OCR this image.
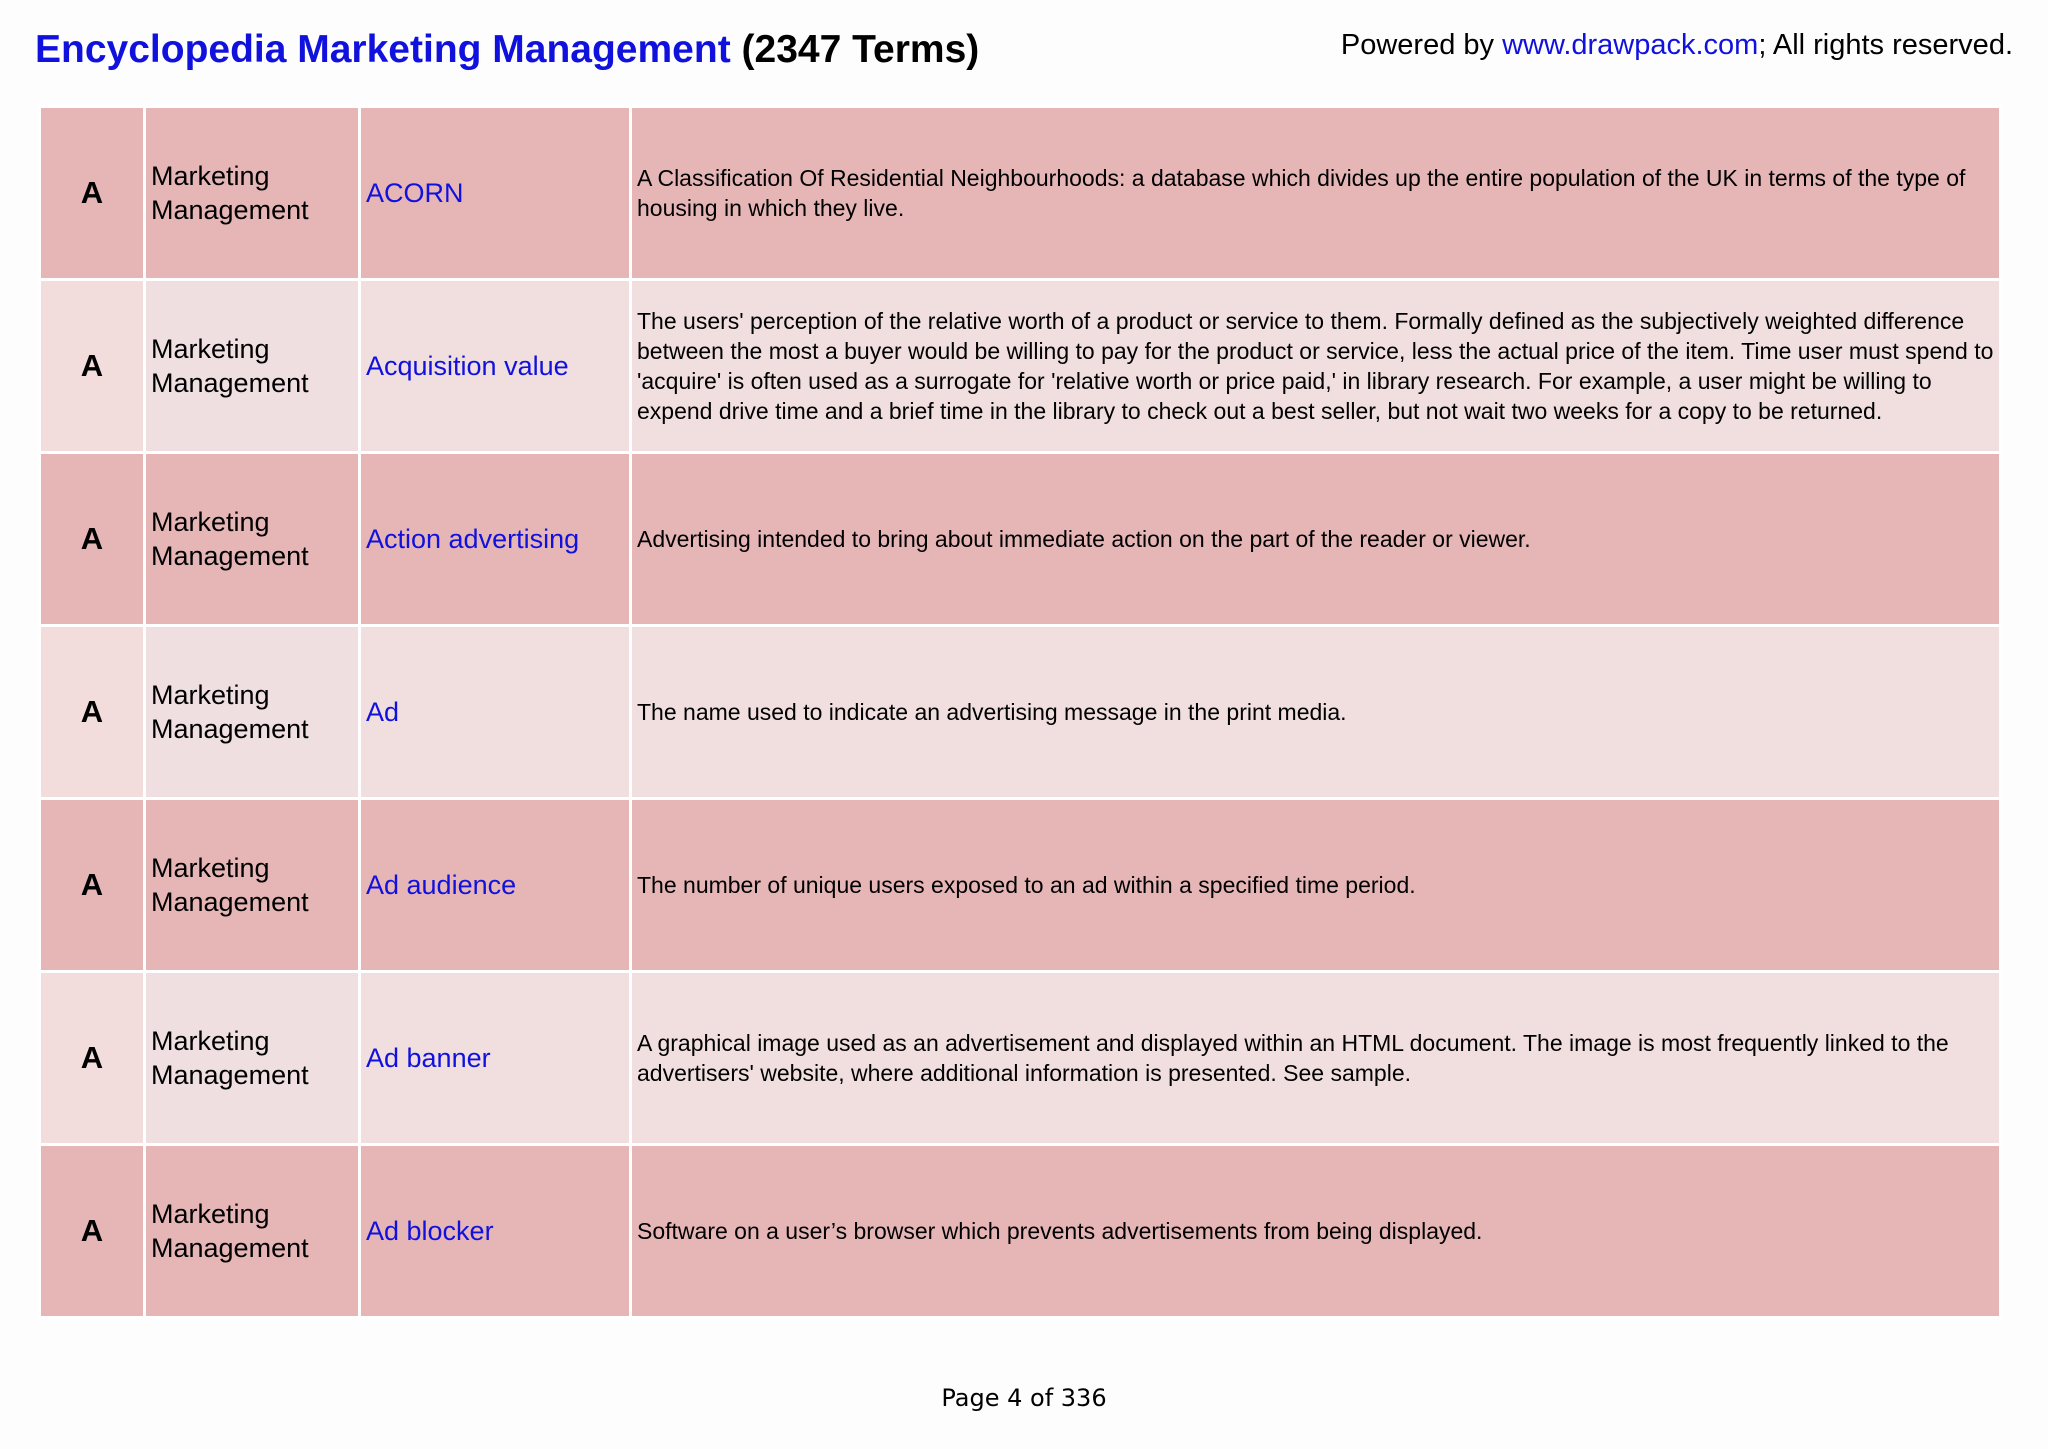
Encyclopedia Marketing Management (2347 Terms)	Powered by www.drawpack.com; All rights reserved.
A	Marketing Management	ACORN	A Classification Of Residential Neighbourhoods: a database which divides up the entire population of the UK in terms of the type of housing in which they live.
A	Marketing Management	Acquisition value	The users' perception of the relative worth of a product or service to them. Formally defined as the subjectively weighted difference between the most a buyer would be willing to pay for the product or service, less the actual price of the item. Time user must spend to 'acquire' is often used as a surrogate for 'relative worth or price paid,' in library research. For example, a user might be willing to expend drive time and a brief time in the library to check out a best seller, but not wait two weeks for a copy to be returned.
A	Marketing Management	Action advertising	Advertising intended to bring about immediate action on the part of the reader or viewer.
A	Marketing Management	Ad	The name used to indicate an advertising message in the print media.
A	Marketing Management	Ad audience	The number of unique users exposed to an ad within a specified time period.
A	Marketing Management	Ad banner	A graphical image used as an advertisement and displayed within an HTML document. The image is most frequently linked to the advertisers' website, where additional information is presented. See sample.
A	Marketing Management	Ad blocker	Software on a user’s browser which prevents advertisements from being displayed.
Page 4 of 336
